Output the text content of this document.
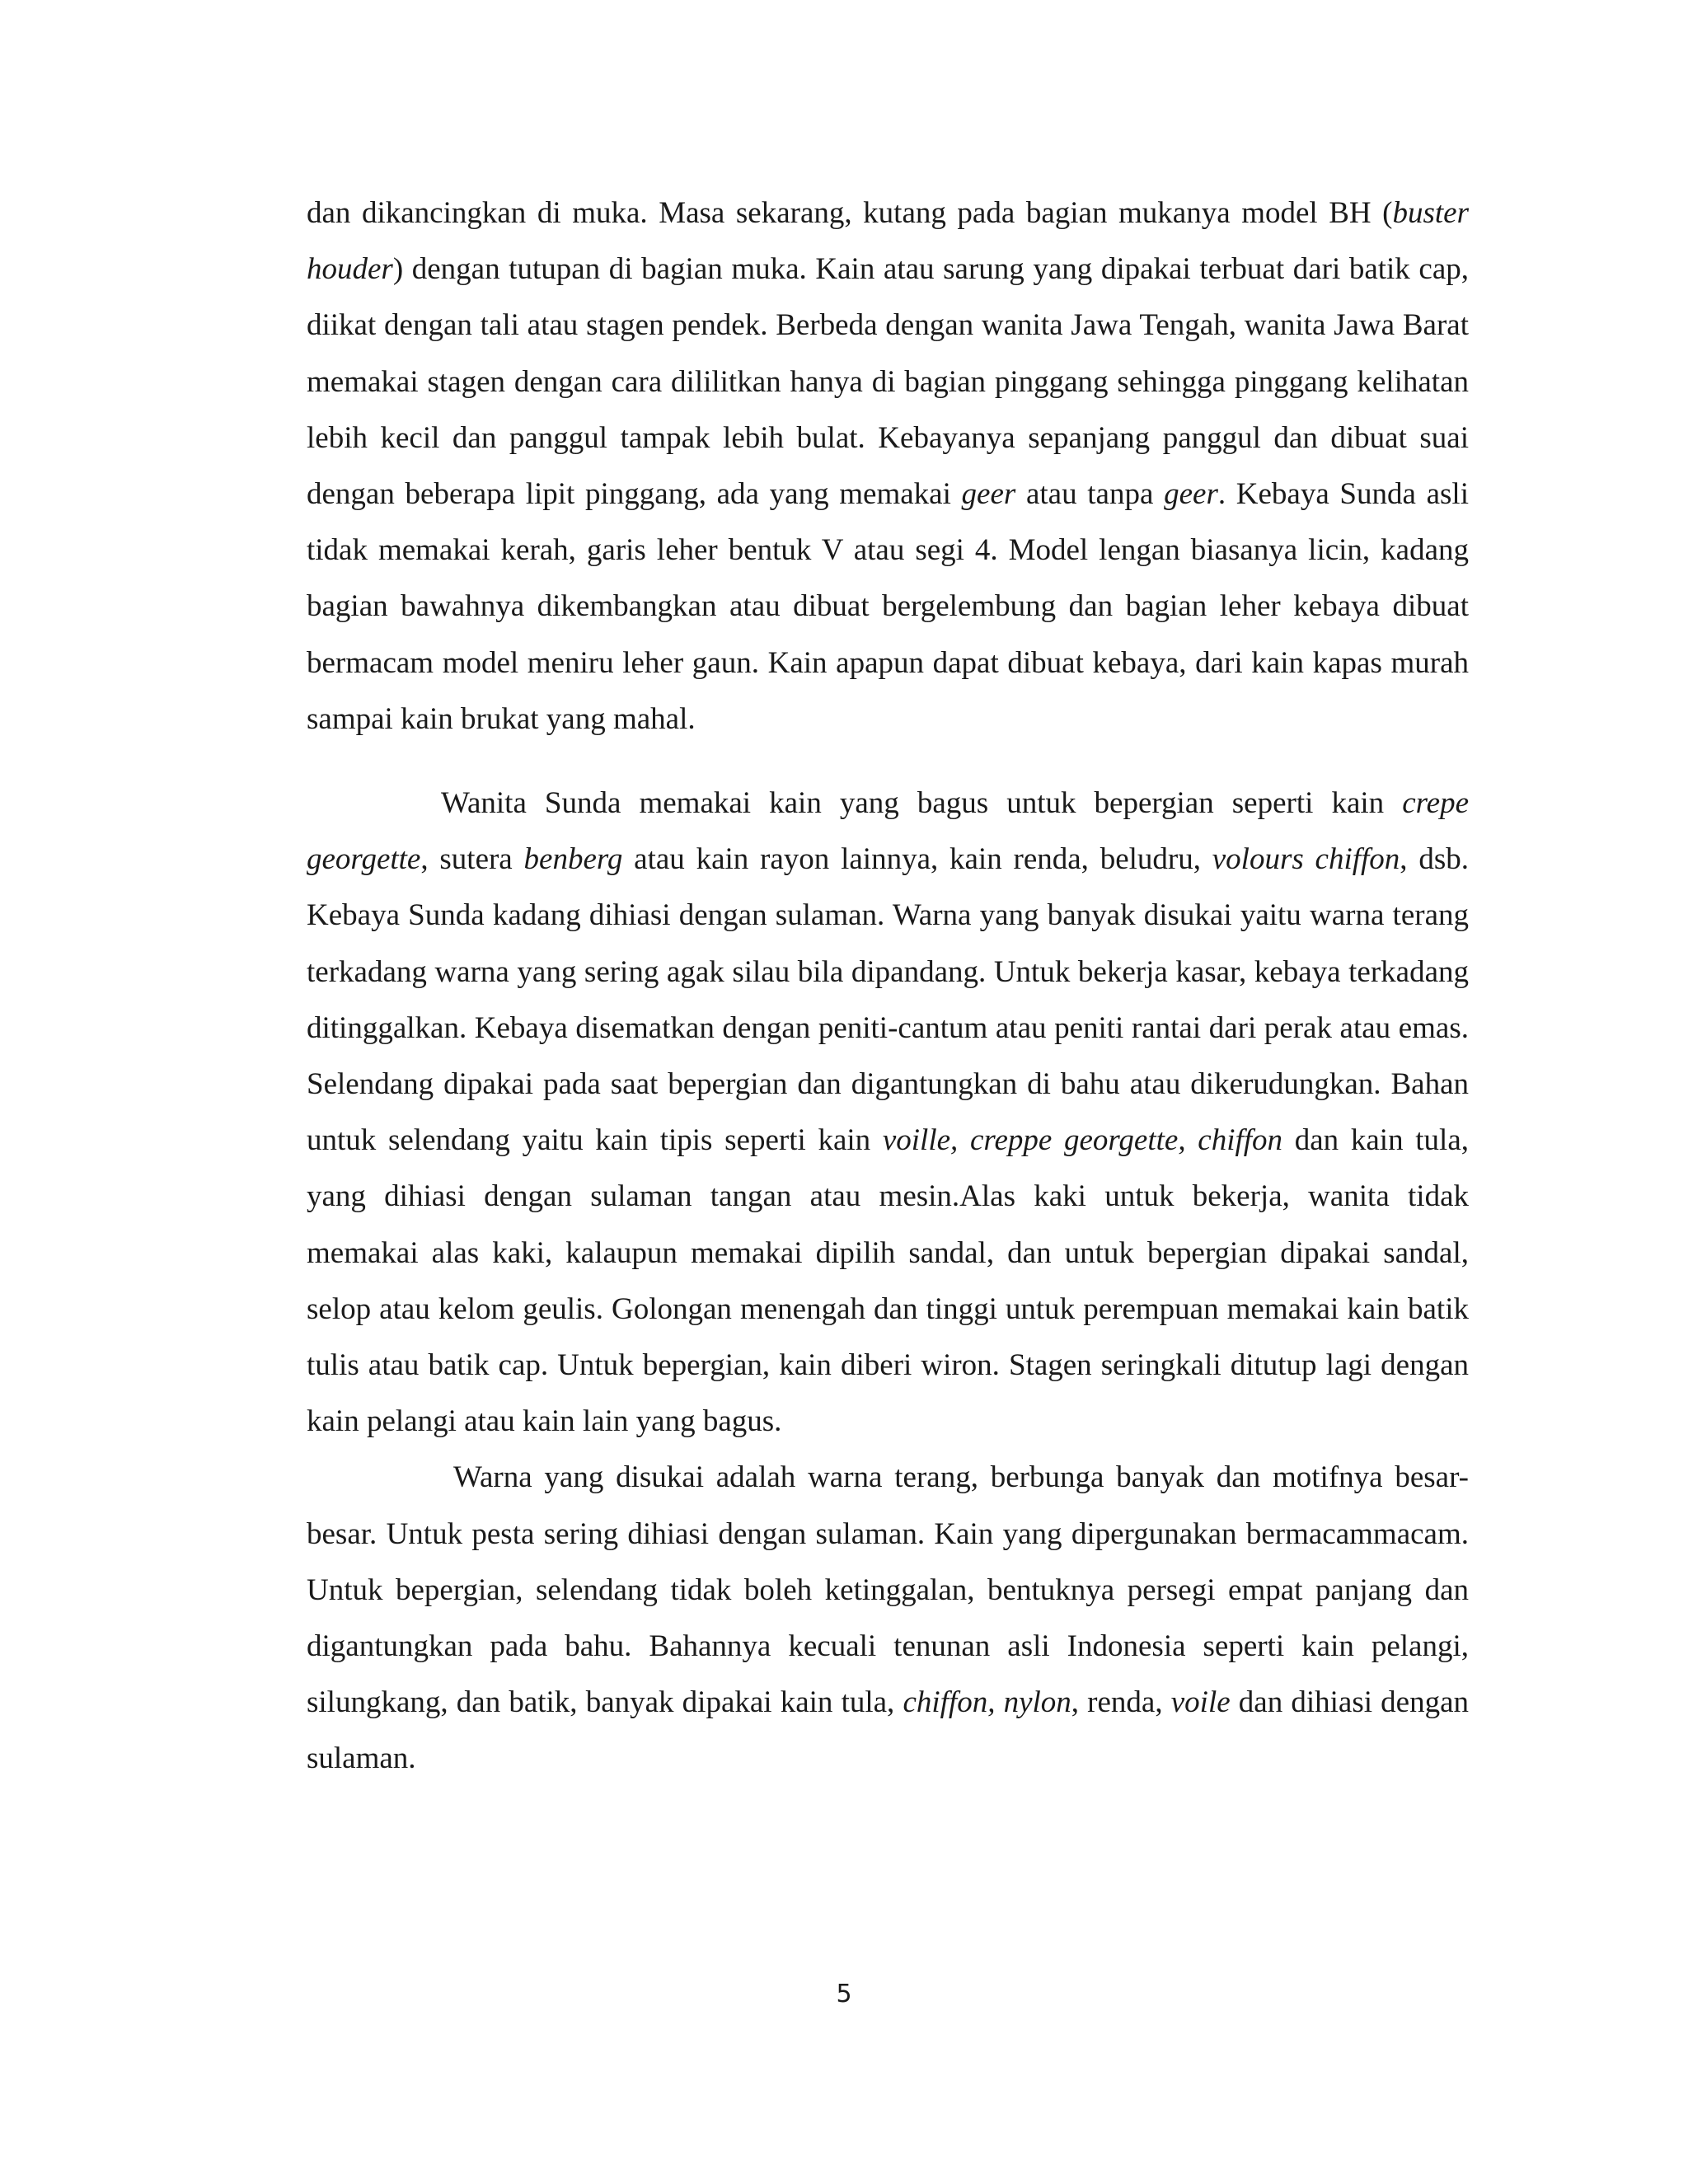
dan dikancingkan di muka. Masa sekarang, kutang pada bagian mukanya model BH (buster houder) dengan tutupan di bagian muka. Kain atau sarung yang dipakai terbuat dari batik cap, diikat dengan tali atau stagen pendek. Berbeda dengan wanita Jawa Tengah, wanita Jawa Barat memakai stagen dengan cara dililitkan hanya di bagian pinggang sehingga pinggang kelihatan lebih kecil dan panggul tampak lebih bulat. Kebayanya sepanjang panggul dan dibuat suai dengan beberapa lipit pinggang, ada yang memakai geer atau tanpa geer. Kebaya Sunda asli tidak memakai kerah, garis leher bentuk V atau segi 4. Model lengan biasanya licin, kadang bagian bawahnya dikembangkan atau dibuat bergelembung dan bagian leher kebaya dibuat bermacam model meniru leher gaun. Kain apapun dapat dibuat kebaya, dari kain kapas murah sampai kain brukat yang mahal.

Wanita Sunda memakai kain yang bagus untuk bepergian seperti kain crepe georgette, sutera benberg atau kain rayon lainnya, kain renda, beludru, volours chiffon, dsb. Kebaya Sunda kadang dihiasi dengan sulaman. Warna yang banyak disukai yaitu warna terang terkadang warna yang sering agak silau bila dipandang. Untuk bekerja kasar, kebaya terkadang ditinggalkan. Kebaya disematkan dengan peniti-cantum atau peniti rantai dari perak atau emas. Selendang dipakai pada saat bepergian dan digantungkan di bahu atau dikerudungkan. Bahan untuk selendang yaitu kain tipis seperti kain voille, creppe georgette, chiffon dan kain tula, yang dihiasi dengan sulaman tangan atau mesin.Alas kaki untuk bekerja, wanita tidak memakai alas kaki, kalaupun memakai dipilih sandal, dan untuk bepergian dipakai sandal, selop atau kelom geulis. Golongan menengah dan tinggi untuk perempuan memakai kain batik tulis atau batik cap. Untuk bepergian, kain diberi wiron. Stagen seringkali ditutup lagi dengan kain pelangi atau kain lain yang bagus.

Warna yang disukai adalah warna terang, berbunga banyak dan motifnya besar-besar. Untuk pesta sering dihiasi dengan sulaman. Kain yang dipergunakan bermacammacam. Untuk bepergian, selendang tidak boleh ketinggalan, bentuknya persegi empat panjang dan digantungkan pada bahu. Bahannya kecuali tenunan asli Indonesia seperti kain pelangi, silungkang, dan batik, banyak dipakai kain tula, chiffon, nylon, renda, voile dan dihiasi dengan sulaman.

5
